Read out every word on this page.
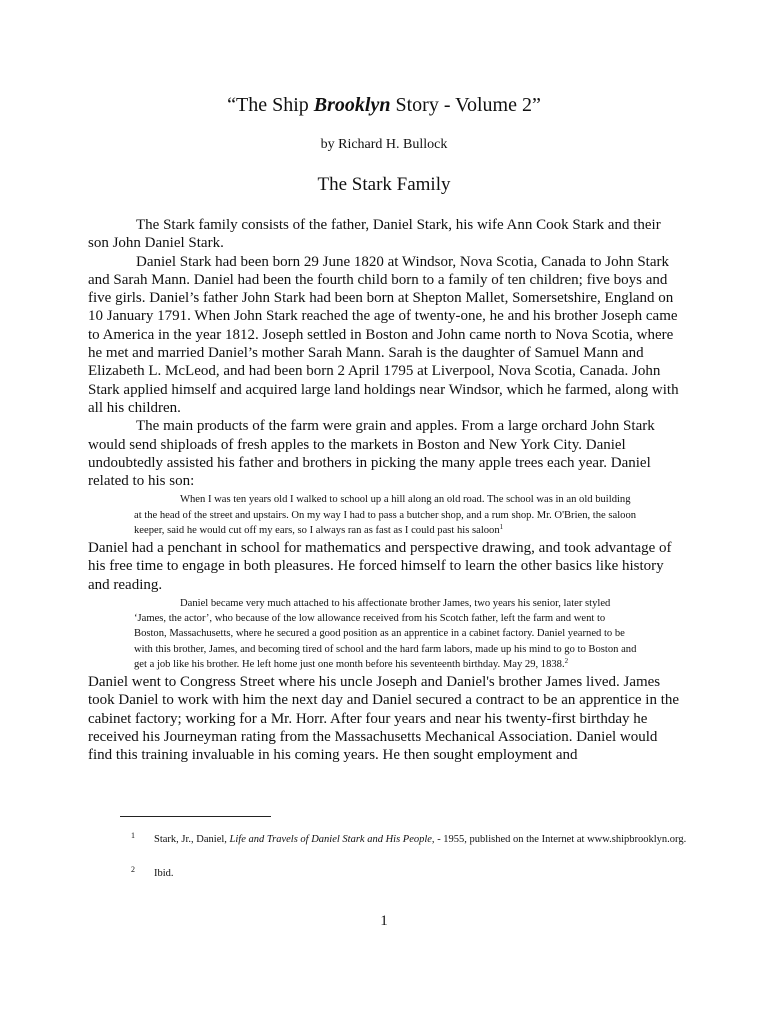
“The Ship Brooklyn Story - Volume 2”
by Richard H. Bullock
The Stark Family

The Stark family consists of the father, Daniel Stark, his wife Ann Cook Stark and their son John Daniel Stark.

Daniel Stark had been born 29 June 1820 at Windsor, Nova Scotia, Canada to John Stark and Sarah Mann. Daniel had been the fourth child born to a family of ten children; five boys and five girls. Daniel’s father John Stark had been born at Shepton Mallet, Somersetshire, England on 10 January 1791. When John Stark reached the age of twenty-one, he and his brother Joseph came to America in the year 1812. Joseph settled in Boston and John came north to Nova Scotia, where he met and married Daniel’s mother Sarah Mann. Sarah is the daughter of Samuel Mann and Elizabeth L. McLeod, and had been born 2 April 1795 at Liverpool, Nova Scotia, Canada. John Stark applied himself and acquired large land holdings near Windsor, which he farmed, along with all his children.

The main products of the farm were grain and apples. From a large orchard John Stark would send shiploads of fresh apples to the markets in Boston and New York City. Daniel undoubtedly assisted his father and brothers in picking the many apple trees each year. Daniel related to his son:

When I was ten years old I walked to school up a hill along an old road. The school was in an old building at the head of the street and upstairs. On my way I had to pass a butcher shop, and a rum shop. Mr. O'Brien, the saloon keeper, said he would cut off my ears, so I always ran as fast as I could past his saloon$^1$

Daniel had a penchant in school for mathematics and perspective drawing, and took advantage of his free time to engage in both pleasures. He forced himself to learn the other basics like history and reading.

Daniel became very much attached to his affectionate brother James, two years his senior, later styled ‘James, the actor’, who because of the low allowance received from his Scotch father, left the farm and went to Boston, Massachusetts, where he secured a good position as an apprentice in a cabinet factory. Daniel yearned to be with this brother, James, and becoming tired of school and the hard farm labors, made up his mind to go to Boston and get a job like his brother. He left home just one month before his seventeenth birthday. May 29, 1838.$^2$

Daniel went to Congress Street where his uncle Joseph and Daniel's brother James lived. James took Daniel to work with him the next day and Daniel secured a contract to be an apprentice in the cabinet factory; working for a Mr. Horr. After four years and near his twenty-first birthday he received his Journeyman rating from the Massachusetts Mechanical Association. Daniel would find this training invaluable in his coming years. He then sought employment and

1 Stark, Jr., Daniel, Life and Travels of Daniel Stark and His People, - 1955, published on the Internet at www.shipbrooklyn.org.
2 Ibid.
1
